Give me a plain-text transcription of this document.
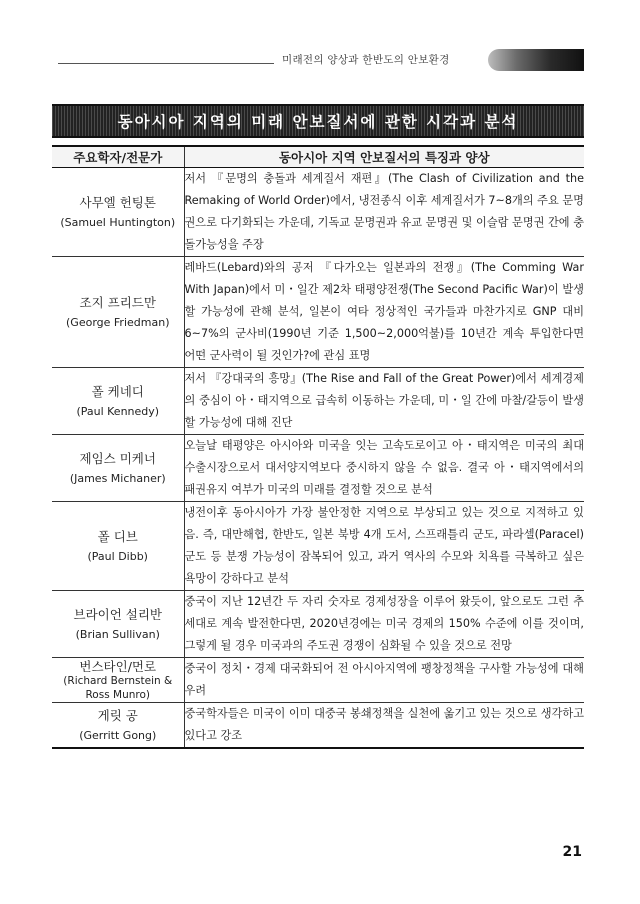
미래전의 양상과 한반도의 안보환경
동아시아 지역의 미래 안보질서에 관한 시각과 분석
주요학자/전문가	동아시아 지역 안보질서의 특징과 양상

사무엘 헌팅톤
(Samuel Huntington)	저서 『문명의 충돌과 세계질서 재편』(The Clash of Civilization and the Remaking of World Order)에서, 냉전종식 이후 세계질서가 7~8개의 주요 문명권으로 다기화되는 가운데, 기독교 문명권과 유교 문명권 및 이슬람 문명권 간에 충돌가능성을 주장

조지 프리드만
(George Friedman)	레바드(Lebard)와의 공저 『다가오는 일본과의 전쟁』(The Comming War With Japan)에서 미・일간 제2차 태평양전쟁(The Second Pacific War)이 발생할 가능성에 관해 분석, 일본이 여타 정상적인 국가들과 마찬가지로 GNP 대비 6~7%의 군사비(1990년 기준 1,500~2,000억불)를 10년간 계속 투입한다면 어떤 군사력이 될 것인가?에 관심 표명

폴 케네디
(Paul Kennedy)	저서 『강대국의 흥망』(The Rise and Fall of the Great Power)에서 세계경제의 중심이 아・태지역으로 급속히 이동하는 가운데, 미・일 간에 마찰/갈등이 발생할 가능성에 대해 진단

제임스 미케너
(James Michaner)	오늘날 태평양은 아시아와 미국을 잇는 고속도로이고 아・태지역은 미국의 최대 수출시장으로서 대서양지역보다 중시하지 않을 수 없음. 결국 아・태지역에서의 패권유지 여부가 미국의 미래를 결정할 것으로 분석

폴 디브
(Paul Dibb)	냉전이후 동아시아가 가장 불안정한 지역으로 부상되고 있는 것으로 지적하고 있음. 즉, 대만해협, 한반도, 일본 북방 4개 도서, 스프래틀리 군도, 파라셀(Paracel) 군도 등 분쟁 가능성이 잠복되어 있고, 과거 역사의 수모와 치욕를 극복하고 싶은 욕망이 강하다고 분석

브라이언 설리반
(Brian Sullivan)	중국이 지난 12년간 두 자리 숫자로 경제성장을 이루어 왔듯이, 앞으로도 그런 추세대로 계속 발전한다면, 2020년경에는 미국 경제의 150% 수준에 이를 것이며, 그렇게 될 경우 미국과의 주도권 경쟁이 심화될 수 있을 것으로 전망

번스타인/먼로
(Richard Bernstein & Ross Munro)	중국이 정치・경제 대국화되어 전 아시아지역에 팽창정책을 구사할 가능성에 대해 우려

게릿 공
(Gerritt Gong)	중국학자들은 미국이 이미 대중국 봉쇄정책을 실천에 옮기고 있는 것으로 생각하고 있다고 강조
21
